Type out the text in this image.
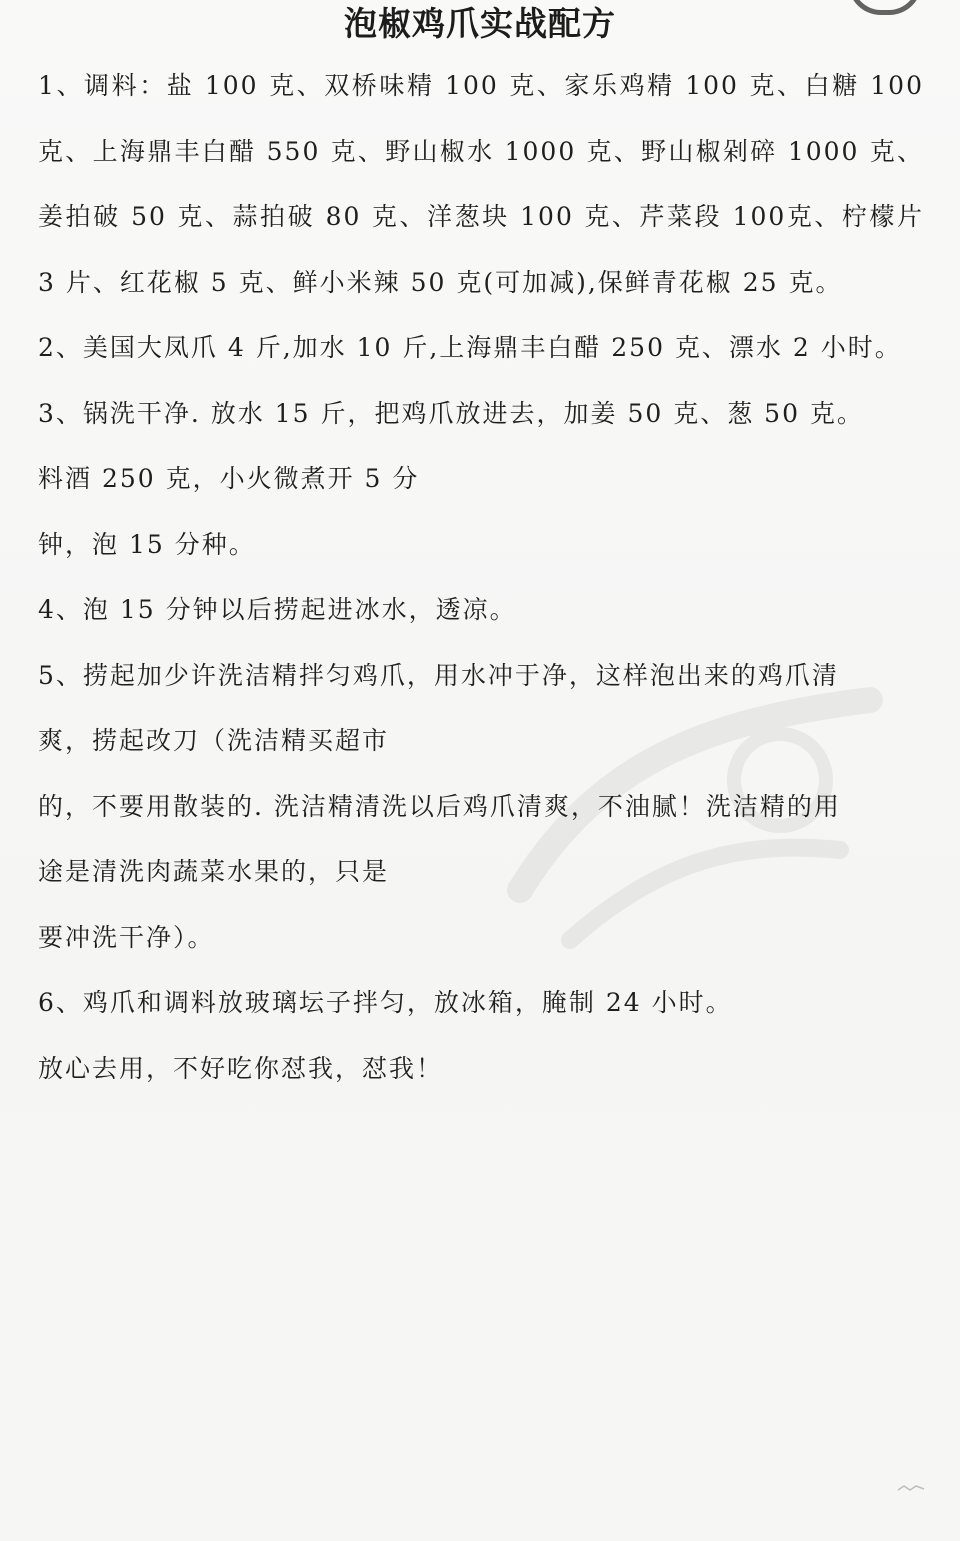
泡椒鸡爪实战配方

1、调料：盐 100 克、双桥味精 100 克、家乐鸡精 100 克、白糖 100 克、上海鼎丰白醋 550 克、野山椒水 1000 克、野山椒剁碎 1000 克、姜拍破 50 克、蒜拍破 80 克、洋葱块 100 克、芹菜段 100克、柠檬片 3 片、红花椒 5 克、鲜小米辣 50 克(可加减),保鲜青花椒 25 克。

2、美国大凤爪 4 斤,加水 10 斤,上海鼎丰白醋 250 克、漂水 2 小时。

3、锅洗干净. 放水 15 斤，把鸡爪放进去，加姜 50 克、葱 50 克。
料酒 250 克，小火微煮开 5 分
钟，泡 15 分种。

4、泡 15 分钟以后捞起进冰水，透凉。

5、捞起加少许洗洁精拌匀鸡爪，用水冲于净，这样泡出来的鸡爪清
爽，捞起改刀（洗洁精买超市
的，不要用散装的. 洗洁精清洗以后鸡爪清爽，不油腻！洗洁精的用
途是清洗肉蔬菜水果的，只是
要冲洗干净）。

6、鸡爪和调料放玻璃坛子拌匀，放冰箱，腌制 24 小时。

放心去用，不好吃你怼我，怼我！
